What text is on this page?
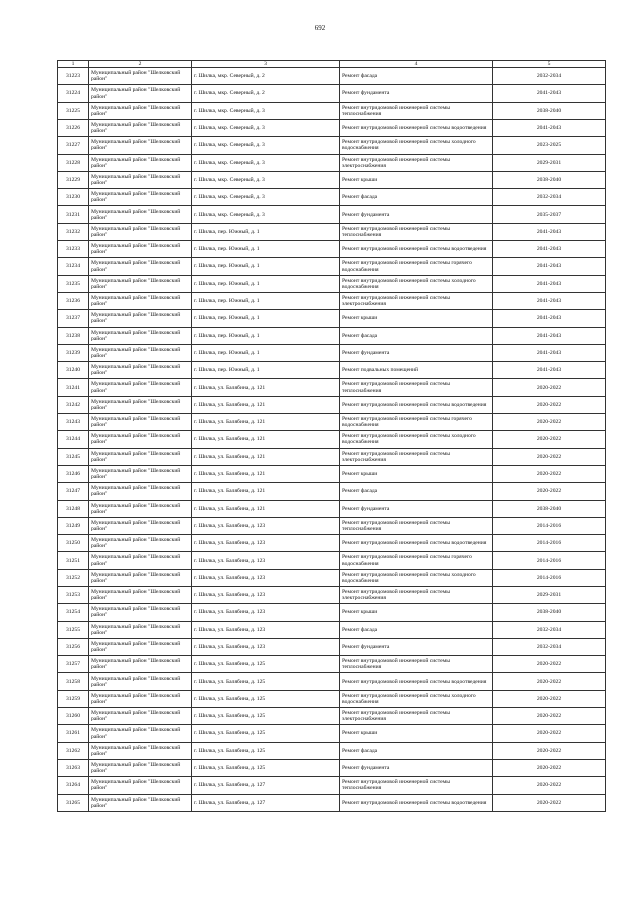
692
1	2	3	4	5
31223	Муниципальный район "Шелковский район"	г. Шилка, мкр. Северный, д. 2	Ремонт фасада	2032-2034
31224	Муниципальный район "Шелковский район"	г. Шилка, мкр. Северный, д. 2	Ремонт фундамента	2041-2043
31225	Муниципальный район "Шелковский район"	г. Шилка, мкр. Северный, д. 3	Ремонт внутридомовой инженерной системы теплоснабжения	2038-2040
31226	Муниципальный район "Шелковский район"	г. Шилка, мкр. Северный, д. 3	Ремонт внутридомовой инженерной системы водоотведения	2041-2043
31227	Муниципальный район "Шелковский район"	г. Шилка, мкр. Северный, д. 3	Ремонт внутридомовой инженерной системы холодного водоснабжения	2023-2025
31228	Муниципальный район "Шелковский район"	г. Шилка, мкр. Северный, д. 3	Ремонт внутридомовой инженерной системы электроснабжения	2029-2031
31229	Муниципальный район "Шелковский район"	г. Шилка, мкр. Северный, д. 3	Ремонт крыши	2038-2040
31230	Муниципальный район "Шелковский район"	г. Шилка, мкр. Северный, д. 3	Ремонт фасада	2032-2034
31231	Муниципальный район "Шелковский район"	г. Шилка, мкр. Северный, д. 3	Ремонт фундамента	2035-2037
31232	Муниципальный район "Шелковский район"	г. Шилка, пер. Южный, д. 1	Ремонт внутридомовой инженерной системы теплоснабжения	2041-2043
31233	Муниципальный район "Шелковский район"	г. Шилка, пер. Южный, д. 1	Ремонт внутридомовой инженерной системы водоотведения	2041-2043
31234	Муниципальный район "Шелковский район"	г. Шилка, пер. Южный, д. 1	Ремонт внутридомовой инженерной системы горячего водоснабжения	2041-2043
31235	Муниципальный район "Шелковский район"	г. Шилка, пер. Южный, д. 1	Ремонт внутридомовой инженерной системы холодного водоснабжения	2041-2043
31236	Муниципальный район "Шелковский район"	г. Шилка, пер. Южный, д. 1	Ремонт внутридомовой инженерной системы электроснабжения	2041-2043
31237	Муниципальный район "Шелковский район"	г. Шилка, пер. Южный, д. 1	Ремонт крыши	2041-2043
31238	Муниципальный район "Шелковский район"	г. Шилка, пер. Южный, д. 1	Ремонт фасада	2041-2043
31239	Муниципальный район "Шелковский район"	г. Шилка, пер. Южный, д. 1	Ремонт фундамента	2041-2043
31240	Муниципальный район "Шелковский район"	г. Шилка, пер. Южный, д. 1	Ремонт подвальных помещений	2041-2043
31241	Муниципальный район "Шелковский район"	г. Шилка, ул. Балябина, д. 121	Ремонт внутридомовой инженерной системы теплоснабжения	2020-2022
31242	Муниципальный район "Шелковский район"	г. Шилка, ул. Балябина, д. 121	Ремонт внутридомовой инженерной системы водоотведения	2020-2022
31243	Муниципальный район "Шелковский район"	г. Шилка, ул. Балябина, д. 121	Ремонт внутридомовой инженерной системы горячего водоснабжения	2020-2022
31244	Муниципальный район "Шелковский район"	г. Шилка, ул. Балябина, д. 121	Ремонт внутридомовой инженерной системы холодного водоснабжения	2020-2022
31245	Муниципальный район "Шелковский район"	г. Шилка, ул. Балябина, д. 121	Ремонт внутридомовой инженерной системы электроснабжения	2020-2022
31246	Муниципальный район "Шелковский район"	г. Шилка, ул. Балябина, д. 121	Ремонт крыши	2020-2022
31247	Муниципальный район "Шелковский район"	г. Шилка, ул. Балябина, д. 121	Ремонт фасада	2020-2022
31248	Муниципальный район "Шелковский район"	г. Шилка, ул. Балябина, д. 121	Ремонт фундамента	2038-2040
31249	Муниципальный район "Шелковский район"	г. Шилка, ул. Балябина, д. 123	Ремонт внутридомовой инженерной системы теплоснабжения	2014-2016
31250	Муниципальный район "Шелковский район"	г. Шилка, ул. Балябина, д. 123	Ремонт внутридомовой инженерной системы водоотведения	2014-2016
31251	Муниципальный район "Шелковский район"	г. Шилка, ул. Балябина, д. 123	Ремонт внутридомовой инженерной системы горячего водоснабжения	2014-2016
31252	Муниципальный район "Шелковский район"	г. Шилка, ул. Балябина, д. 123	Ремонт внутридомовой инженерной системы холодного водоснабжения	2014-2016
31253	Муниципальный район "Шелковский район"	г. Шилка, ул. Балябина, д. 123	Ремонт внутридомовой инженерной системы электроснабжения	2029-2031
31254	Муниципальный район "Шелковский район"	г. Шилка, ул. Балябина, д. 123	Ремонт крыши	2038-2040
31255	Муниципальный район "Шелковский район"	г. Шилка, ул. Балябина, д. 123	Ремонт фасада	2032-2034
31256	Муниципальный район "Шелковский район"	г. Шилка, ул. Балябина, д. 123	Ремонт фундамента	2032-2034
31257	Муниципальный район "Шелковский район"	г. Шилка, ул. Балябина, д. 125	Ремонт внутридомовой инженерной системы теплоснабжения	2020-2022
31258	Муниципальный район "Шелковский район"	г. Шилка, ул. Балябина, д. 125	Ремонт внутридомовой инженерной системы водоотведения	2020-2022
31259	Муниципальный район "Шелковский район"	г. Шилка, ул. Балябина, д. 125	Ремонт внутридомовой инженерной системы холодного водоснабжения	2020-2022
31260	Муниципальный район "Шелковский район"	г. Шилка, ул. Балябина, д. 125	Ремонт внутридомовой инженерной системы электроснабжения	2020-2022
31261	Муниципальный район "Шелковский район"	г. Шилка, ул. Балябина, д. 125	Ремонт крыши	2020-2022
31262	Муниципальный район "Шелковский район"	г. Шилка, ул. Балябина, д. 125	Ремонт фасада	2020-2022
31263	Муниципальный район "Шелковский район"	г. Шилка, ул. Балябина, д. 125	Ремонт фундамента	2020-2022
31264	Муниципальный район "Шелковский район"	г. Шилка, ул. Балябина, д. 127	Ремонт внутридомовой инженерной системы теплоснабжения	2020-2022
31265	Муниципальный район "Шелковский район"	г. Шилка, ул. Балябина, д. 127	Ремонт внутридомовой инженерной системы водоотведения	2020-2022
